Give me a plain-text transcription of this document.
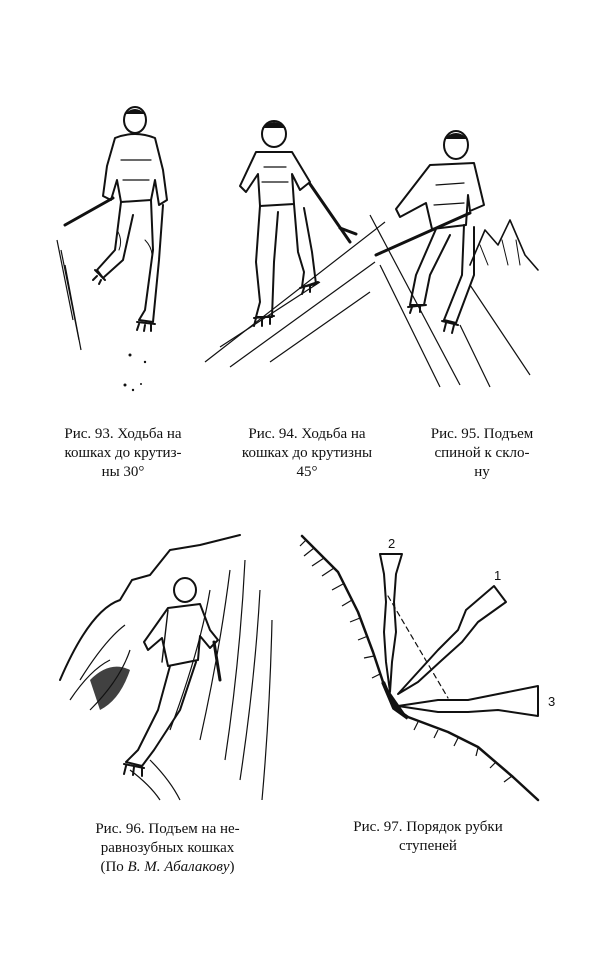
Рис. 93. Ходьба на
кошках до крутиз-
ны 30°
Рис. 94. Ходьба на
кошках до крутизны
45°
Рис. 95. Подъем
спиной к скло-
ну
Рис. 96. Подъем на не-
равнозубных кошках
(По В. М. Абалакову)
2
1
3
Рис. 97. Порядок рубки
ступеней
